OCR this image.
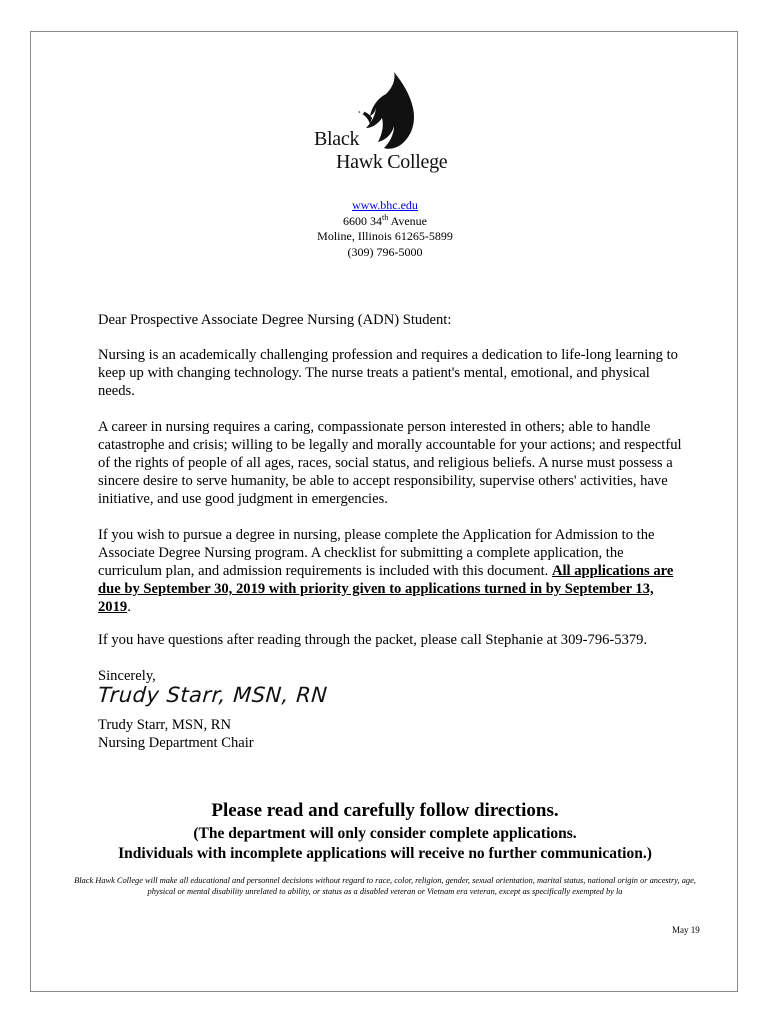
Black
Hawk College
www.bhc.edu
6600 34th Avenue
Moline, Illinois 61265-5899
(309) 796-5000
Dear Prospective Associate Degree Nursing (ADN) Student:

Nursing is an academically challenging profession and requires a dedication to life-long learning to keep up with changing technology. The nurse treats a patient's mental, emotional, and physical needs.

A career in nursing requires a caring, compassionate person interested in others; able to handle catastrophe and crisis; willing to be legally and morally accountable for your actions; and respectful of the rights of people of all ages, races, social status, and religious beliefs. A nurse must possess a sincere desire to serve humanity, be able to accept responsibility, supervise others' activities, have initiative, and use good judgment in emergencies.

If you wish to pursue a degree in nursing, please complete the Application for Admission to the Associate Degree Nursing program. A checklist for submitting a complete application, the curriculum plan, and admission requirements is included with this document. All applications are due by September 30, 2019 with priority given to applications turned in by September 13, 2019.

If you have questions after reading through the packet, please call Stephanie at 309-796-5379.

Sincerely,
Trudy Starr, MSN, RN
Trudy Starr, MSN, RN
Nursing Department Chair
Please read and carefully follow directions.
(The department will only consider complete applications.
Individuals with incomplete applications will receive no further communication.)
Black Hawk College will make all educational and personnel decisions without regard to race, color, religion, gender, sexual orientation, marital status, national origin or ancestry, age, physical or mental disability unrelated to ability, or status as a disabled veteran or Vietnam era veteran, except as specifically exempted by la
May 19
